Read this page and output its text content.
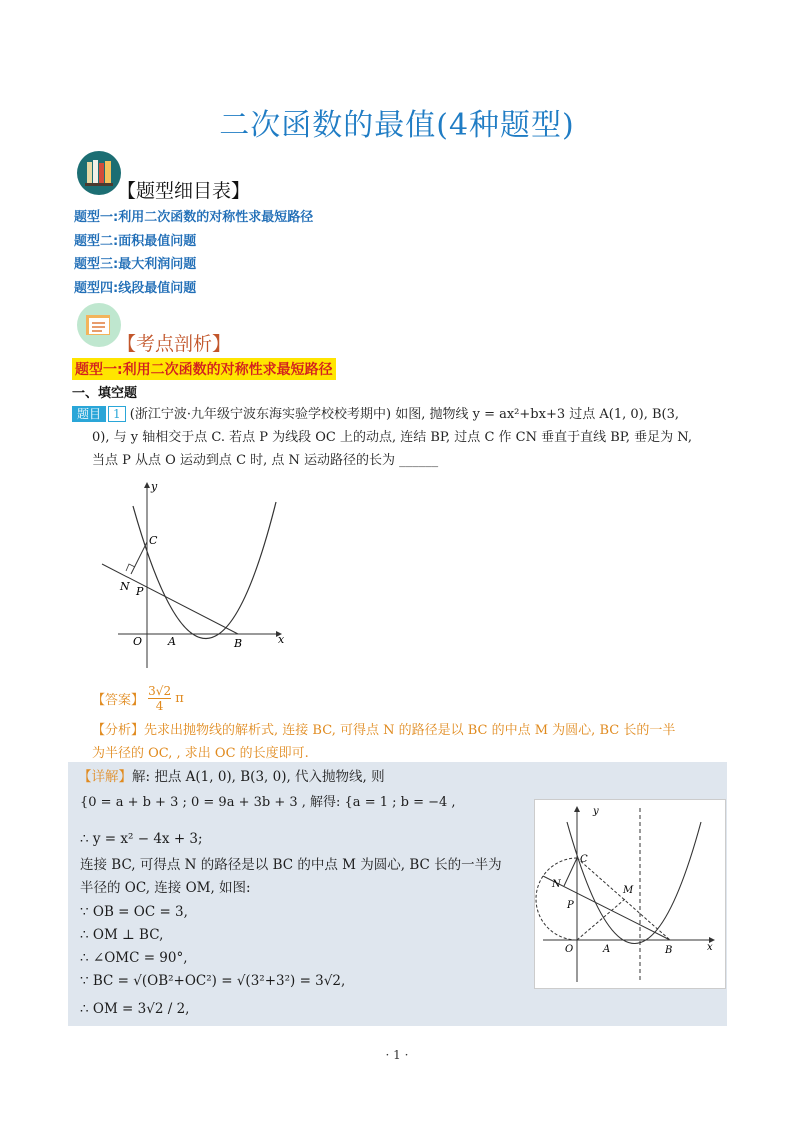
二次函数的最值(4种题型)
【题型细目表】
题型一:利用二次函数的对称性求最短路径
题型二:面积最值问题
题型三:最大利润问题
题型四:线段最值问题
【考点剖析】
题型一:利用二次函数的对称性求最短路径
一、填空题
题目 1 (浙江宁波·九年级宁波东海实验学校校考期中) 如图, 抛物线 y = ax²+bx+3 过点 A(1, 0), B(3,
0), 与 y 轴相交于点 C. 若点 P 为线段 OC 上的动点, 连结 BP, 过点 C 作 CN 垂直于直线 BP, 垂足为 N,
当点 P 从点 O 运动到点 C 时, 点 N 运动路径的长为 ______
y
x
C
N P
O A	B
【答案】 $\frac{3√2}{4}$ π
【分析】先求出抛物线的解析式, 连接 BC, 可得点 N 的路径是以 BC 的中点 M 为圆心, BC 长的一半
为半径的 OC, , 求出 OC 的长度即可.
【详解】解: 把点 A(1, 0), B(3, 0), 代入抛物线, 则
{0 = a + b + 3 ; 0 = 9a + 3b + 3 , 解得: {a = 1 ; b = −4 ,
∴ y = x² − 4x + 3;
连接 BC, 可得点 N 的路径是以 BC 的中点 M 为圆心, BC 长的一半为
半径的 OC, 连接 OM, 如图:
∵ OB = OC = 3,
∴ OM ⊥ BC,
∴ ∠OMC = 90°,
∵ BC = √(OB²+OC²) = √(3²+3²) = 3√2,
∴ OM = 3√2 / 2,
y
x
C
N
P
M
O	A	B
· 1 ·
